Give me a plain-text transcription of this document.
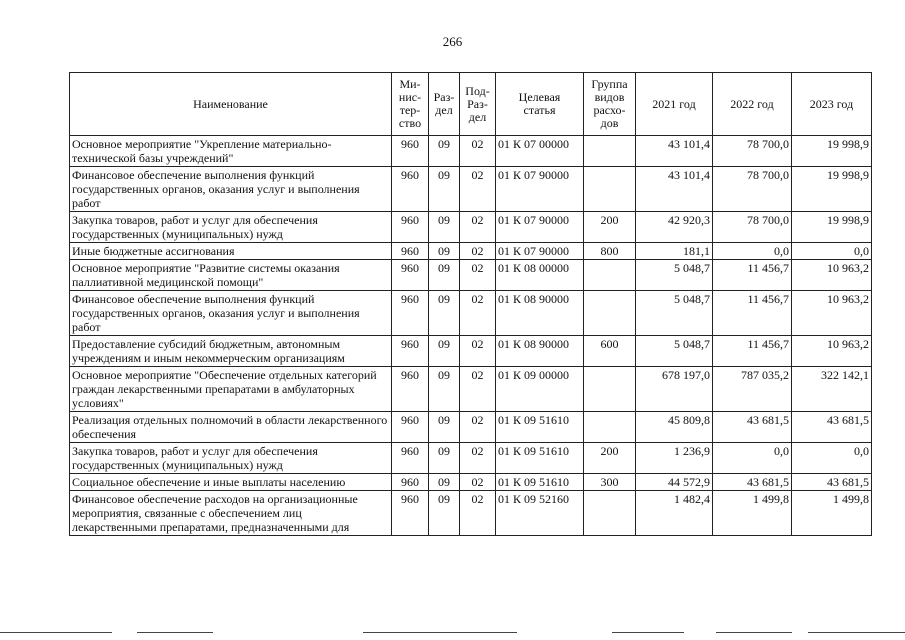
266
Наименование	Ми-
нис-
тер-
ство	Раз-
дел	Под-
Раз-
дел	Целевая
статья	Группа
видов
расхо-
дов	2021 год	2022 год	2023 год
Основное мероприятие "Укрепление материально-технической базы учреждений"	960	09	02	01 К 07 00000		43 101,4	78 700,0	19 998,9
Финансовое обеспечение выполнения функций государственных органов, оказания услуг и выполнения работ	960	09	02	01 К 07 90000		43 101,4	78 700,0	19 998,9
Закупка товаров, работ и услуг для обеспечения государственных (муниципальных) нужд	960	09	02	01 К 07 90000	200	42 920,3	78 700,0	19 998,9
Иные бюджетные ассигнования	960	09	02	01 К 07 90000	800	181,1	0,0	0,0
Основное мероприятие "Развитие системы оказания паллиативной медицинской помощи"	960	09	02	01 К 08 00000		5 048,7	11 456,7	10 963,2
Финансовое обеспечение выполнения функций государственных органов, оказания услуг и выполнения работ	960	09	02	01 К 08 90000		5 048,7	11 456,7	10 963,2
Предоставление субсидий бюджетным, автономным учреждениям и иным некоммерческим организациям	960	09	02	01 К 08 90000	600	5 048,7	11 456,7	10 963,2
Основное мероприятие "Обеспечение отдельных категорий граждан лекарственными препаратами в амбулаторных условиях"	960	09	02	01 К 09 00000		678 197,0	787 035,2	322 142,1
Реализация отдельных полномочий в области лекарственного обеспечения	960	09	02	01 К 09 51610		45 809,8	43 681,5	43 681,5
Закупка товаров, работ и услуг для обеспечения государственных (муниципальных) нужд	960	09	02	01 К 09 51610	200	1 236,9	0,0	0,0
Социальное обеспечение и иные выплаты населению	960	09	02	01 К 09 51610	300	44 572,9	43 681,5	43 681,5
Финансовое обеспечение расходов на организационные мероприятия, связанные с обеспечением лиц лекарственными препаратами, предназначенными для	960	09	02	01 К 09 52160		1 482,4	1 499,8	1 499,8
